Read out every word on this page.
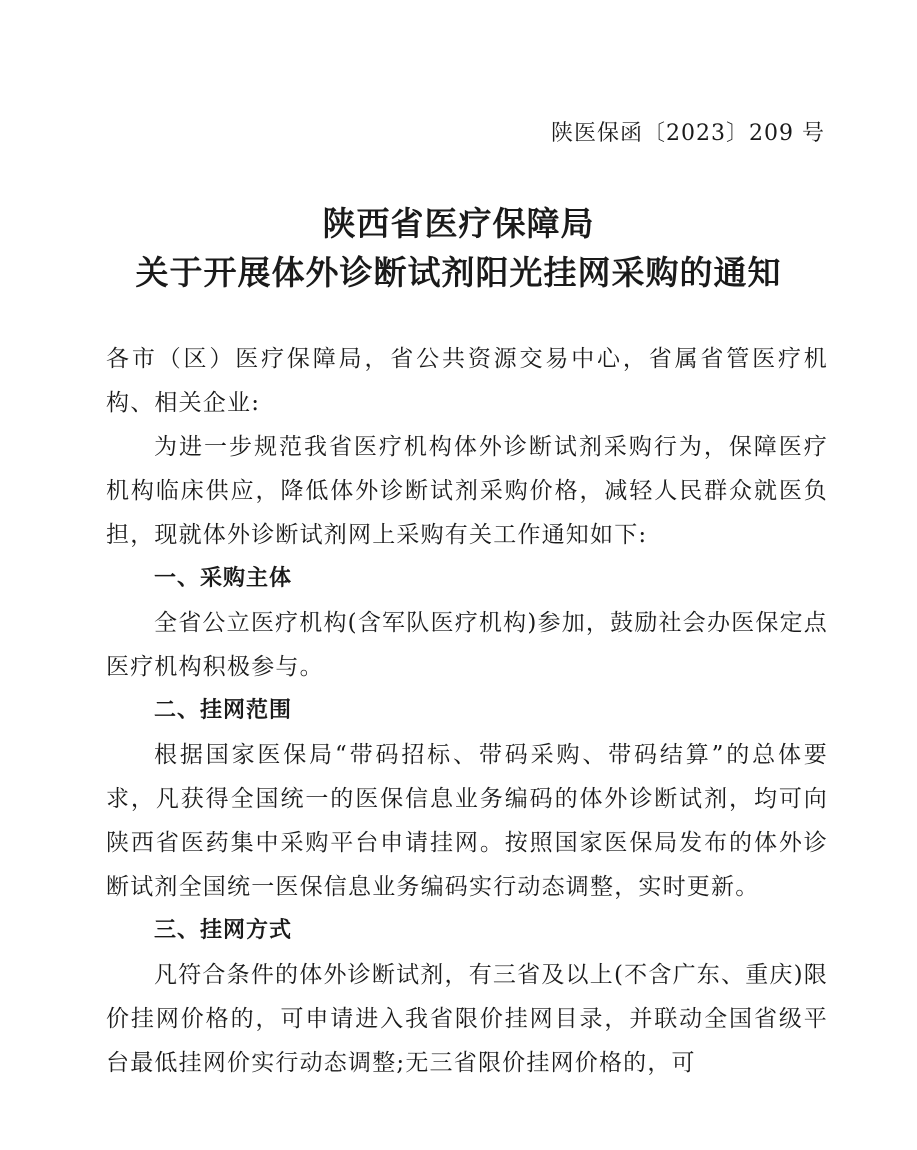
陕医保函〔2023〕209 号
陕西省医疗保障局
关于开展体外诊断试剂阳光挂网采购的通知

各市（区）医疗保障局，省公共资源交易中心，省属省管医疗机构、相关企业:

为进一步规范我省医疗机构体外诊断试剂采购行为，保障医疗机构临床供应，降低体外诊断试剂采购价格，减轻人民群众就医负担，现就体外诊断试剂网上采购有关工作通知如下:

一、采购主体

全省公立医疗机构(含军队医疗机构)参加，鼓励社会办医保定点医疗机构积极参与。

二、挂网范围

根据国家医保局“带码招标、带码采购、带码结算”的总体要求，凡获得全国统一的医保信息业务编码的体外诊断试剂，均可向陕西省医药集中采购平台申请挂网。按照国家医保局发布的体外诊断试剂全国统一医保信息业务编码实行动态调整，实时更新。

三、挂网方式

凡符合条件的体外诊断试剂，有三省及以上(不含广东、重庆)限价挂网价格的，可申请进入我省限价挂网目录，并联动全国省级平台最低挂网价实行动态调整;无三省限价挂网价格的，可
